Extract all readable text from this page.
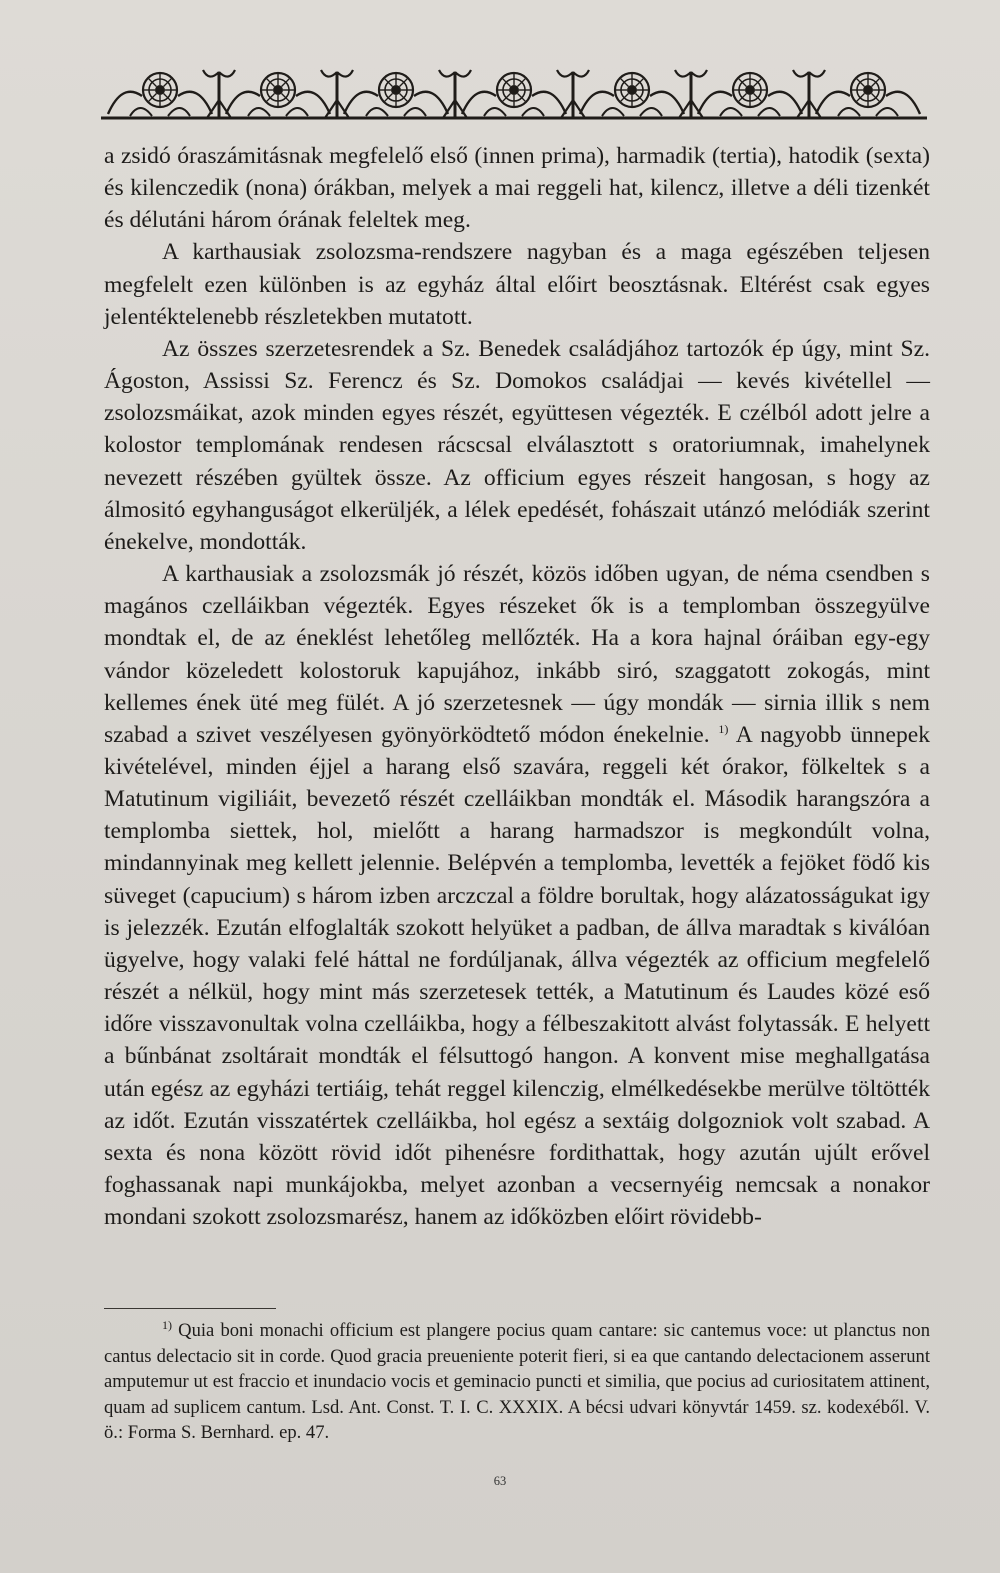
a zsidó óraszámitásnak megfelelő első (innen prima), harmadik (tertia), hatodik (sexta) és kilenczedik (nona) órákban, melyek a mai reggeli hat, kilencz, illetve a déli tizenkét és délutáni három órának feleltek meg.

A karthausiak zsolozsma-rendszere nagyban és a maga egészében teljesen megfelelt ezen különben is az egyház által előirt beosztásnak. Eltérést csak egyes jelentéktelenebb részletekben mutatott.

Az összes szerzetesrendek a Sz. Benedek családjához tartozók ép úgy, mint Sz. Ágoston, Assissi Sz. Ferencz és Sz. Domokos családjai — kevés kivétellel — zsolozsmáikat, azok minden egyes részét, együttesen végezték. E czélból adott jelre a kolostor templomának rendesen rácscsal elválasztott s oratoriumnak, imahelynek nevezett részében gyültek össze. Az officium egyes részeit hangosan, s hogy az álmositó egyhanguságot elkerüljék, a lélek epedését, fohászait utánzó melódiák szerint énekelve, mondották.

A karthausiak a zsolozsmák jó részét, közös időben ugyan, de néma csendben s magános czelláikban végezték. Egyes részeket ők is a templomban összegyülve mondtak el, de az éneklést lehetőleg mellőzték. Ha a kora hajnal óráiban egy-egy vándor közeledett kolostoruk kapujához, inkább siró, szaggatott zokogás, mint kellemes ének üté meg fülét. A jó szerzetesnek — úgy mondák — sirnia illik s nem szabad a szivet veszélyesen gyönyörködtető módon énekelnie. $^{1)}$ A nagyobb ünnepek kivételével, minden éjjel a harang első szavára, reggeli két órakor, fölkeltek s a Matutinum vigiliáit, bevezető részét czelláikban mondták el. Második harangszóra a templomba siettek, hol, mielőtt a harang harmadszor is megkondúlt volna, mindannyinak meg kellett jelennie. Belépvén a templomba, levették a fejöket födő kis süveget (capucium) s három izben arczczal a földre borultak, hogy alázatosságukat igy is jelezzék. Ezután elfoglalták szokott helyüket a padban, de állva maradtak s kiválóan ügyelve, hogy valaki felé háttal ne fordúljanak, állva végezték az officium megfelelő részét a nélkül, hogy mint más szerzetesek tették, a Matutinum és Laudes közé eső időre visszavonultak volna czelláikba, hogy a félbeszakitott alvást folytassák. E helyett a bűnbánat zsoltárait mondták el félsuttogó hangon. A konvent mise meghallgatása után egész az egyházi tertiáig, tehát reggel kilenczig, elmélkedésekbe merülve töltötték az időt. Ezután visszatértek czelláikba, hol egész a sextáig dolgozniok volt szabad. A sexta és nona között rövid időt pihenésre fordithattak, hogy azután ujúlt erővel foghassanak napi munkájokba, melyet azonban a vecsernyéig nemcsak a nonakor mondani szokott zsolozsmarész, hanem az időközben előirt rövidebb-

$^{1)}$ Quia boni monachi officium est plangere pocius quam cantare: sic cantemus voce: ut planctus non cantus delectacio sit in corde. Quod gracia preueniente poterit fieri, si ea que cantando delectacionem asserunt amputemur ut est fraccio et inundacio vocis et geminacio puncti et similia, que pocius ad curiositatem attinent, quam ad suplicem cantum. Lsd. Ant. Const. T. I. C. XXXIX. A bécsi udvari könyvtár 1459. sz. kodexéből. V. ö.: Forma S. Bernhard. ep. 47.

63
